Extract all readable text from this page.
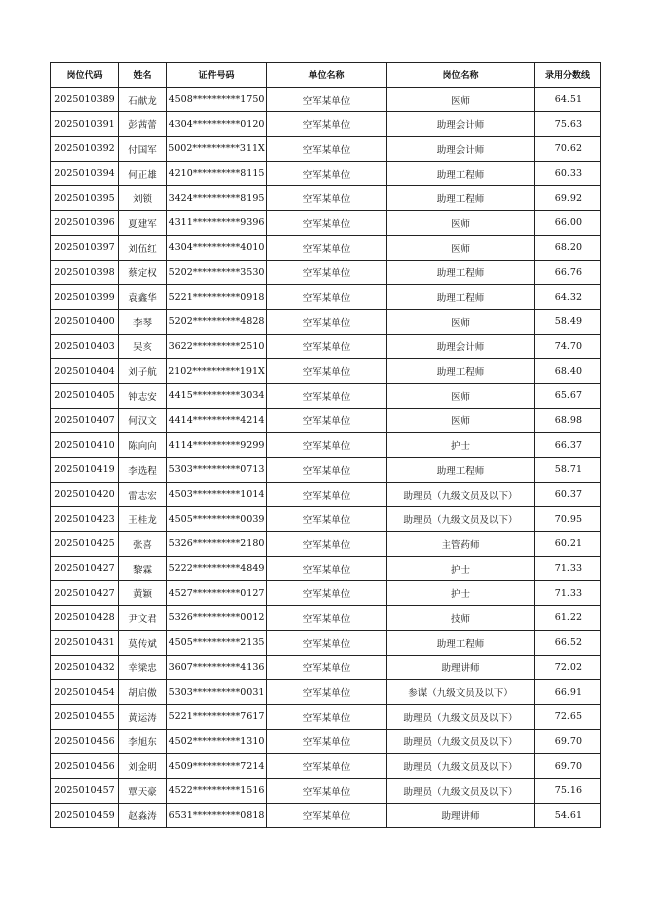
岗位代码	姓名	证件号码	单位名称	岗位名称	录用分数线
2025010389	石献龙	4508**********1750	空军某单位	医师	64.51
2025010391	彭茜蕾	4304**********0120	空军某单位	助理会计师	75.63
2025010392	付国军	5002**********311X	空军某单位	助理会计师	70.62
2025010394	何正雄	4210**********8115	空军某单位	助理工程师	60.33
2025010395	刘锁	3424**********8195	空军某单位	助理工程师	69.92
2025010396	夏建军	4311**********9396	空军某单位	医师	66.00
2025010397	刘伍红	4304**********4010	空军某单位	医师	68.20
2025010398	蔡定权	5202**********3530	空军某单位	助理工程师	66.76
2025010399	袁鑫华	5221**********0918	空军某单位	助理工程师	64.32
2025010400	李琴	5202**********4828	空军某单位	医师	58.49
2025010403	吴亥	3622**********2510	空军某单位	助理会计师	74.70
2025010404	刘子航	2102**********191X	空军某单位	助理工程师	68.40
2025010405	钟志安	4415**********3034	空军某单位	医师	65.67
2025010407	何汉文	4414**********4214	空军某单位	医师	68.98
2025010410	陈向向	4114**********9299	空军某单位	护士	66.37
2025010419	李选程	5303**********0713	空军某单位	助理工程师	58.71
2025010420	雷志宏	4503**********1014	空军某单位	助理员（九级文员及以下）	60.37
2025010423	王桂龙	4505**********0039	空军某单位	助理员（九级文员及以下）	70.95
2025010425	张喜	5326**********2180	空军某单位	主管药师	60.21
2025010427	黎霖	5222**********4849	空军某单位	护士	71.33
2025010427	黄颖	4527**********0127	空军某单位	护士	71.33
2025010428	尹文君	5326**********0012	空军某单位	技师	61.22
2025010431	莫传斌	4505**********2135	空军某单位	助理工程师	66.52
2025010432	幸梁忠	3607**********4136	空军某单位	助理讲师	72.02
2025010454	胡启傲	5303**********0031	空军某单位	参谋（九级文员及以下）	66.91
2025010455	黄运涛	5221**********7617	空军某单位	助理员（九级文员及以下）	72.65
2025010456	李旭东	4502**********1310	空军某单位	助理员（九级文员及以下）	69.70
2025010456	刘金明	4509**********7214	空军某单位	助理员（九级文员及以下）	69.70
2025010457	覃天豪	4522**********1516	空军某单位	助理员（九级文员及以下）	75.16
2025010459	赵淼涛	6531**********0818	空军某单位	助理讲师	54.61
